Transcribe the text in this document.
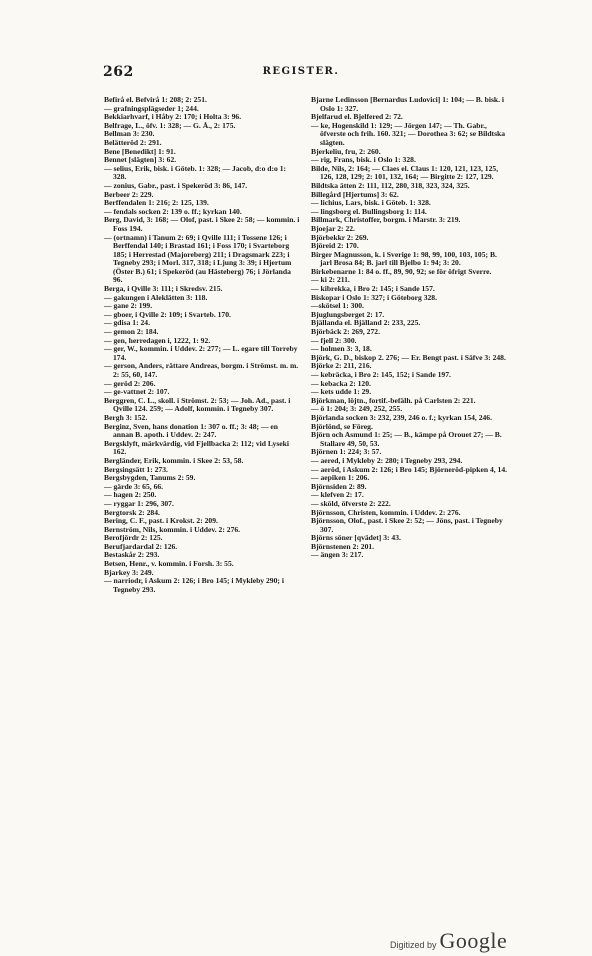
262	REGISTER.

Befirå el. Befvirå 1: 208; 2: 251.

— grafningsplägseder 1; 244.

Bekkiarhvarf, i Håby 2: 170; i Holta 3: 96.

Belfrage, L., öfv. 1: 328; — G. Å., 2: 175.

Bellman 3: 230.

Belätteröd 2: 291.

Bene [Benedikt] 1: 91.

Bennet [slägten] 3: 62.

— selius, Erik, bisk. i Göteb. 1: 328; — Jacob, d:o d:o 1: 328.

— zonius, Gabr., past. i Spekeröd 3: 86, 147.

Berbeer 2: 229.

Berffendalen 1: 216; 2: 125, 139.

— fendals socken 2: 139 o. ff.; kyrkan 140.

Berg, David, 3: 168; — Olof, past. i Skee 2: 58; — kommin. i Foss 194.

— (ortnamn) i Tanum 2: 69; i Qville 111; i Tossene 126; i Berffendal 140; i Brastad 161; i Foss 170; i Svarteborg 185; i Herrestad (Majoreberg) 211; i Dragsmark 223; i Tegneby 293; i Morl. 317, 318; i Ljung 3: 39; i Hjertum (Öster B.) 61; i Spekeröd (au Hästeberg) 76; i Jörlanda 96.

Berga, i Qville 3: 111; i Skredsv. 215.

— gakungen i Aleklätten 3: 118.

— gane 2: 199.

— gboer, i Qville 2: 109; i Svarteb. 170.

— gdisa 1: 24.

— gemon 2: 184.

— gen, herredagen i, 1222, 1: 92.

— ger, W., kommin. i Uddev. 2: 277; — L. egare till Torreby 174.

— gerson, Anders, rättare Andreas, borgm. i Strömst. m. m. 2: 55, 60, 147.

— geröd 2: 206.

— ge-vattnet 2: 107.

Berggren, C. L., skoll. i Strömst. 2: 53; — Joh. Ad., past. i Qville 124. 259; — Adolf, kommin. i Tegneby 307.

Bergh 3: 152.

Berginz, Sven, hans donation 1: 307 o. ff.; 3: 48; — en annan B. apoth. i Uddev. 2: 247.

Bergsklyft, märkvärdig, vid Fjellbacka 2: 112; vid Lyseki 162.

Bergländer, Erik, kommin. i Skee 2: 53, 58.

Bergsingsätt 1: 273.

Bergsbygden, Tanums 2: 59.

— gärde 3: 65, 66.

— hagen 2: 250.

— ryggar 1: 296, 307.

Bergtorsk 2: 284.

Bering, C. F., past. i Krokst. 2: 209.

Bernström, Nils, kommin. i Uddev. 2: 276.

Berofjördr 2: 125.

Berufjardardal 2: 126.

Bestaskår 2: 293.

Betsen, Henr., v. kommin. i Forsh. 3: 55.

Bjarkey 3: 249.

— narriodr, i Askum 2: 126; i Bro 145; i Mykleby 290; i Tegneby 293.

Bjarne Ledinsson [Bernardus Ludovici] 1: 104; — B. bisk. i Oslo 1: 327.

Bjelfarud el. Bjelfered 2: 72.

— ke, Hogenskild 1: 129; — Jörgen 147; — Th. Gabr., öfverste och frih. 160. 321; — Dorothea 3: 62; se Bildtska slägten.

Bjerkeliu, fru, 2: 260.

— rig, Frans, bisk. i Oslo 1: 328.

Bilde, Nils, 2: 164; — Claes el. Claus 1: 120, 121, 123, 125, 126, 128, 129; 2: 101, 132, 164; — Birgitte 2: 127, 129.

Bildtska ätten 2: 111, 112, 280, 318, 323, 324, 325.

Billegård [Hjertums] 3: 62.

— lichius, Lars, bisk. i Göteb. 1: 328.

— lingsborg el. Bullingsborg 1: 114.

Billmark, Christoffer, borgm. i Marstr. 3: 219.

Bjoejar 2: 22.

Björbekkr 2: 269.

Björeid 2: 170.

Birger Magnusson, k. i Sverige 1: 98, 99, 100, 103, 105; B. jarl Brosa 84; B. jarl till Bjelbo 1: 94; 3: 20.

Birkebenarne 1: 84 o. ff., 89, 90, 92; se för öfrigt Sverre.

— ki 2: 211.

— kibrekka, i Bro 2: 145; i Sande 157.

Biskopar i Oslo 1: 327; i Göteborg 328.

—skötsel 1: 300.

Bjuglungsberget 2: 17.

Bjällanda el. Bjälland 2: 233, 225.

Björbäck 2: 269, 272.

— fjell 2: 300.

— holmen 3: 3, 18.

Björk, G. D., biskop 2. 276; — Er. Bengt past. i Säfve 3: 248.

Björke 2: 211, 216.

— kebräcka, i Bro 2: 145, 152; i Sande 197.

— kebacka 2: 120.

— kets udde 1: 29.

Björkman, löjtn., fortif.-befälh. på Carlsten 2: 221.

— ö 1: 204; 3: 249, 252, 255.

Björlanda socken 3: 232, 239, 246 o. f.; kyrkan 154, 246.

Björlönd, se Föreg.

Björn och Asmund 1: 25; — B., kämpe på Orouet 27; — B. Stallare 49, 50, 53.

Björnen 1: 224; 3: 57.

— aered, i Mykleby 2: 280; i Tegneby 293, 294.

— aeröd, i Askum 2: 126; i Bro 145; Björneröd-pipken 4, 14.

— aepiken 1: 206.

Björnsiden 2: 89.

— klefven 2: 17.

— sköld, öfverste 2: 222.

Björnsson, Christen, kommin. i Uddev. 2: 276.

Björnsson, Olof., past. i Skee 2: 52; — Jöns, past. i Tegneby 307.

Björns söner [qvädet] 3: 43.

Björnstenen 2: 201.

— ängen 3: 217.

Digitized by Google
